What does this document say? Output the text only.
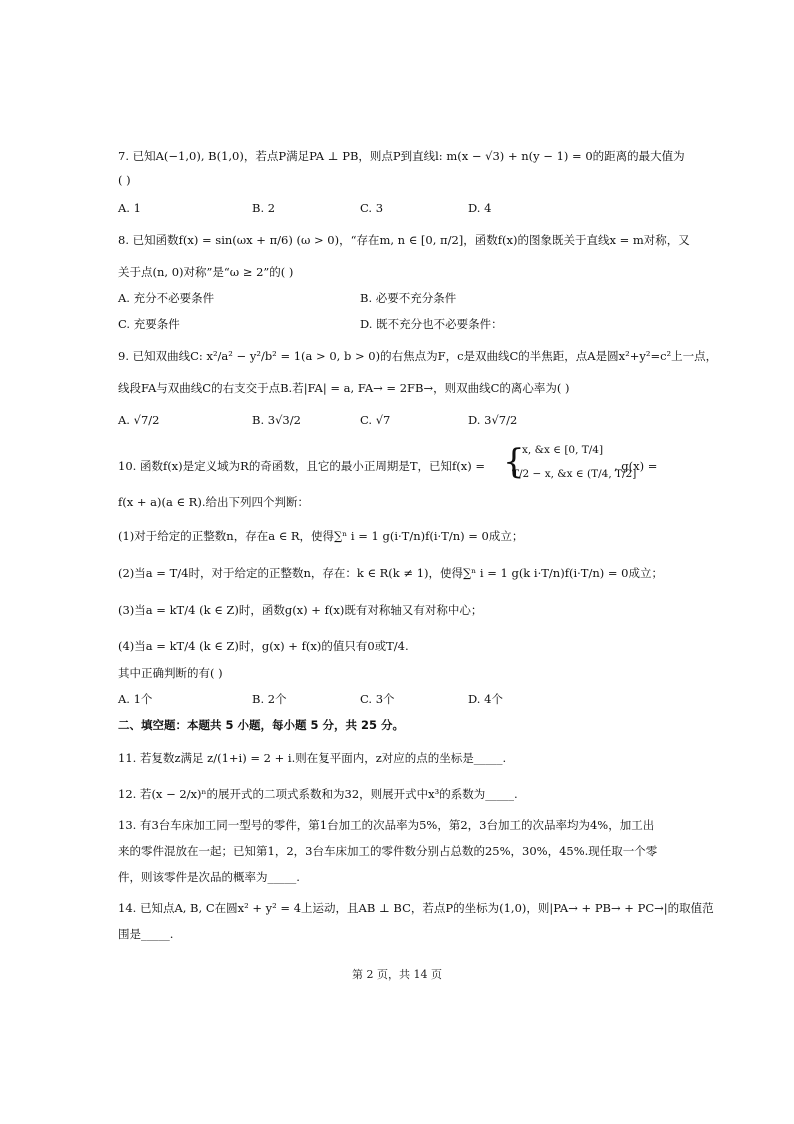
7. 已知A(−1,0), B(1,0)，若点P满足PA ⊥ PB，则点P到直线l: m(x − √3) + n(y − 1) = 0的距离的最大值为
( )
A. 1	B. 2	C. 3	D. 4
8. 已知函数f(x) = sin(ωx + π/6) (ω > 0)，“存在m, n ∈ [0, π/2]，函数f(x)的图象既关于直线x = m对称，又
关于点(n, 0)对称”是“ω ≥ 2”的( )
A. 充分不必要条件	B. 必要不充分条件
C. 充要条件	D. 既不充分也不必要条件：
9. 已知双曲线C: x²/a² − y²/b² = 1(a > 0, b > 0)的右焦点为F，c是双曲线C的半焦距，点A是圆x²+y²=c²上一点，
线段FA与双曲线C的右支交于点B.若|FA| = a, FA→ = 2FB→，则双曲线C的离心率为( )
A. √7/2	B. 3√3/2	C. √7	D. 3√7/2
10. 函数f(x)是定义域为R的奇函数，且它的最小正周期是T，已知f(x) = {
x, &x ∈ [0, T/4]
T/2 − x, &x ∈ (T/4, T/2]
, g(x) =
f(x + a)(a ∈ R).给出下列四个判断：
(1)对于给定的正整数n，存在a ∈ R，使得∑ⁿ i = 1 g(i·T/n)f(i·T/n) = 0成立；
(2)当a = T/4时，对于给定的正整数n，存在：k ∈ R(k ≠ 1)，使得∑ⁿ i = 1 g(k i·T/n)f(i·T/n) = 0成立；
(3)当a = kT/4 (k ∈ Z)时，函数g(x) + f(x)既有对称轴又有对称中心；
(4)当a = kT/4 (k ∈ Z)时，g(x) + f(x)的值只有0或T/4.
其中正确判断的有( )
A. 1个	B. 2个	C. 3个	D. 4个
二、填空题：本题共 5 小题，每小题 5 分，共 25 分。
11. 若复数z满足 z/(1+i) = 2 + i.则在复平面内，z对应的点的坐标是_____.
12. 若(x − 2/x)ⁿ的展开式的二项式系数和为32，则展开式中x³的系数为_____.
13. 有3台车床加工同一型号的零件，第1台加工的次品率为5%，第2，3台加工的次品率均为4%，加工出
来的零件混放在一起；已知第1，2，3台车床加工的零件数分别占总数的25%，30%，45%.现任取一个零
件，则该零件是次品的概率为_____.
14. 已知点A, B, C在圆x² + y² = 4上运动，且AB ⊥ BC，若点P的坐标为(1,0)，则|PA→ + PB→ + PC→|的取值范
围是_____.
第 2 页，共 14 页
